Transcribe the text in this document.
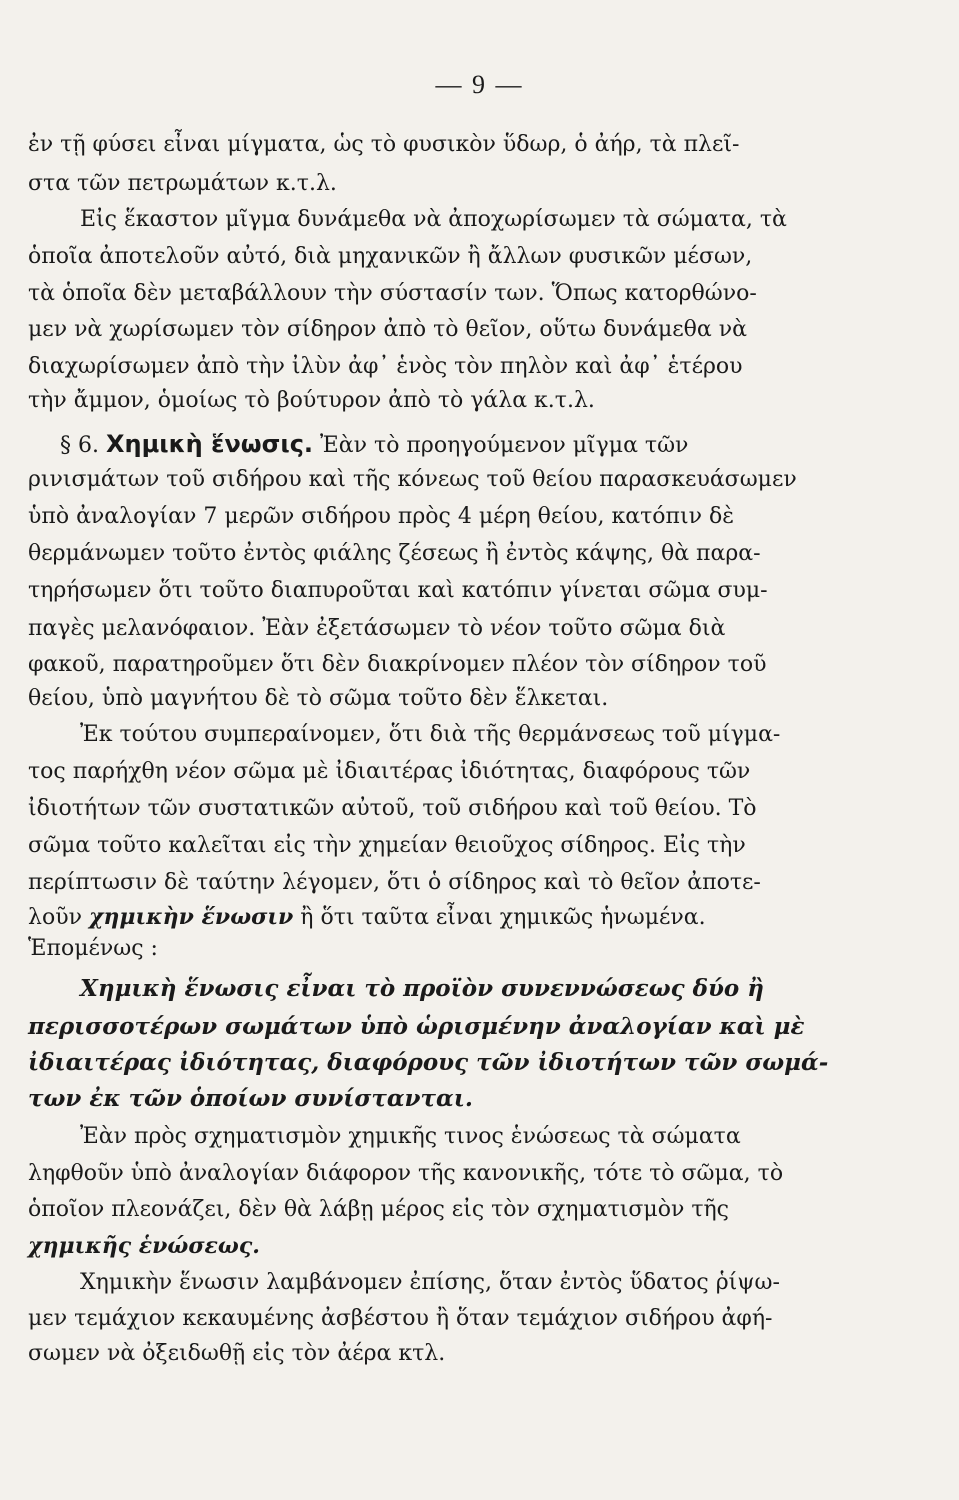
— 9 —
ἐν τῇ φύσει εἶναι μίγματα, ὡς τὸ φυσικὸν ὕδωρ, ὁ ἀήρ, τὰ πλεῖ-
στα τῶν πετρωμάτων κ.τ.λ.
Εἰς ἕκαστον μῖγμα δυνάμεθα νὰ ἀποχωρίσωμεν τὰ σώματα, τὰ
ὁποῖα ἀποτελοῦν αὐτό, διὰ μηχανικῶν ἢ ἄλλων φυσικῶν μέσων,
τὰ ὁποῖα δὲν μεταβάλλουν τὴν σύστασίν των. Ὅπως κατορθώνο-
μεν νὰ χωρίσωμεν τὸν σίδηρον ἀπὸ τὸ θεῖον, οὕτω δυνάμεθα νὰ
διαχωρίσωμεν ἀπὸ τὴν ἰλὺν ἀφ᾽ ἑνὸς τὸν πηλὸν καὶ ἀφ᾽ ἑτέρου
τὴν ἄμμον, ὁμοίως τὸ βούτυρον ἀπὸ τὸ γάλα κ.τ.λ.
§ 6. Χημικὴ ἕνωσις. Ἐὰν τὸ προηγούμενον μῖγμα τῶν
ρινισμάτων τοῦ σιδήρου καὶ τῆς κόνεως τοῦ θείου παρασκευάσωμεν
ὑπὸ ἀναλογίαν 7 μερῶν σιδήρου πρὸς 4 μέρη θείου, κατόπιν δὲ
θερμάνωμεν τοῦτο ἐντὸς φιάλης ζέσεως ἢ ἐντὸς κάψης, θὰ παρα-
τηρήσωμεν ὅτι τοῦτο διαπυροῦται καὶ κατόπιν γίνεται σῶμα συμ-
παγὲς μελανόφαιον. Ἐὰν ἐξετάσωμεν τὸ νέον τοῦτο σῶμα διὰ
φακοῦ, παρατηροῦμεν ὅτι δὲν διακρίνομεν πλέον τὸν σίδηρον τοῦ
θείου, ὑπὸ μαγνήτου δὲ τὸ σῶμα τοῦτο δὲν ἕλκεται.
Ἐκ τούτου συμπεραίνομεν, ὅτι διὰ τῆς θερμάνσεως τοῦ μίγμα-
τος παρήχθη νέον σῶμα μὲ ἰδιαιτέρας ἰδιότητας, διαφόρους τῶν
ἰδιοτήτων τῶν συστατικῶν αὐτοῦ, τοῦ σιδήρου καὶ τοῦ θείου. Τὸ
σῶμα τοῦτο καλεῖται εἰς τὴν χημείαν θειοῦχος σίδηρος. Εἰς τὴν
περίπτωσιν δὲ ταύτην λέγομεν, ὅτι ὁ σίδηρος καὶ τὸ θεῖον ἀποτε-
λοῦν χημικὴν ἕνωσιν ἢ ὅτι ταῦτα εἶναι χημικῶς ἡνωμένα.
Ἑπομένως :
Χημικὴ ἕνωσις εἶναι τὸ προϊὸν συνεννώσεως δύο ἢ
περισσοτέρων σωμάτων ὑπὸ ὡρισμένην ἀναλογίαν καὶ μὲ
ἰδιαιτέρας ἰδιότητας, διαφόρους τῶν ἰδιοτήτων τῶν σωμά-
των ἐκ τῶν ὁποίων συνίστανται.
Ἐὰν πρὸς σχηματισμὸν χημικῆς τινος ἑνώσεως τὰ σώματα
ληφθοῦν ὑπὸ ἀναλογίαν διάφορον τῆς κανονικῆς, τότε τὸ σῶμα, τὸ
ὁποῖον πλεονάζει, δὲν θὰ λάβῃ μέρος εἰς τὸν σχηματισμὸν τῆς
χημικῆς ἑνώσεως.
Χημικὴν ἕνωσιν λαμβάνομεν ἐπίσης, ὅταν ἐντὸς ὕδατος ῥίψω-
μεν τεμάχιον κεκαυμένης ἀσβέστου ἢ ὅταν τεμάχιον σιδήρου ἀφή-
σωμεν νὰ ὀξειδωθῇ εἰς τὸν ἀέρα κτλ.
